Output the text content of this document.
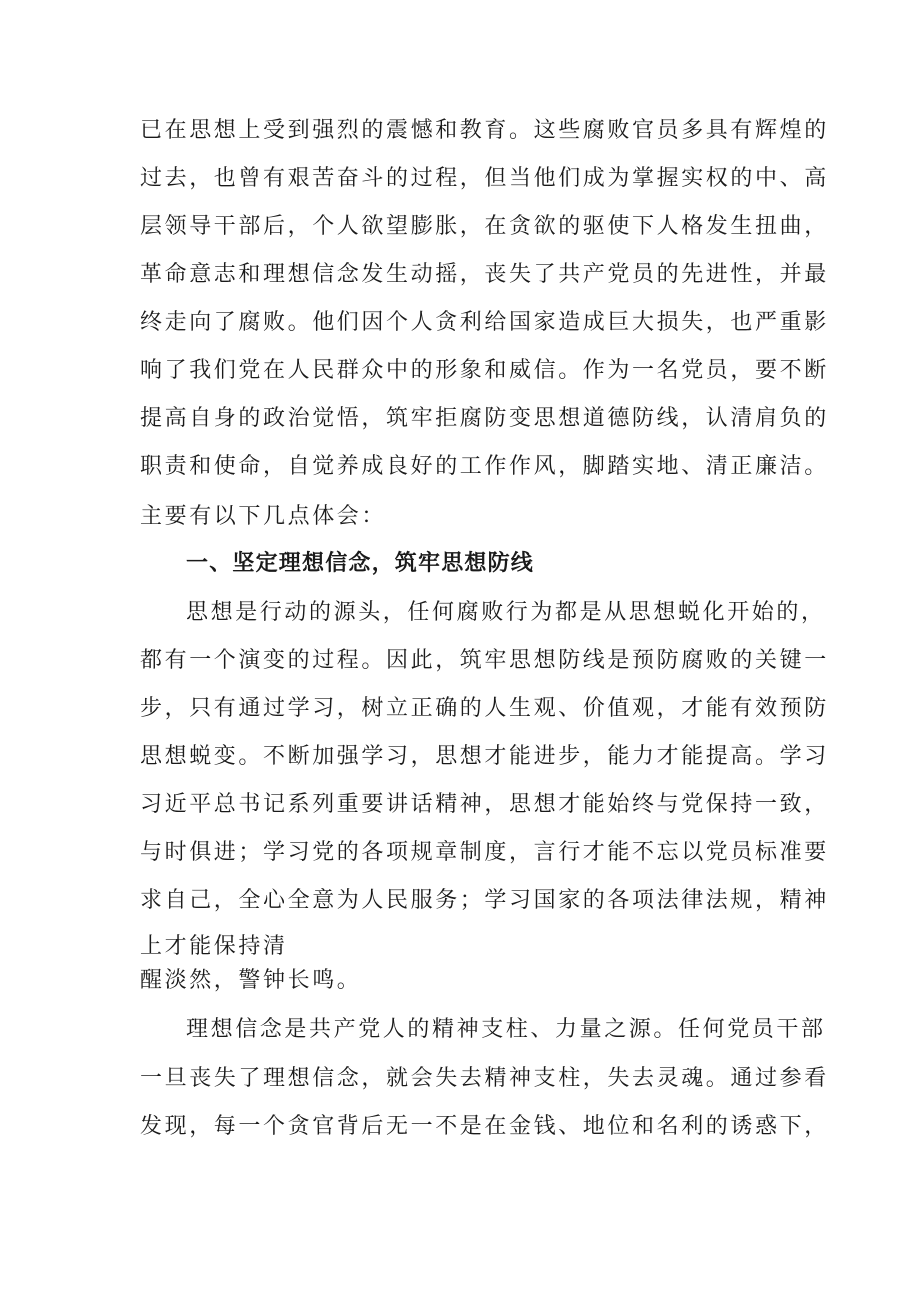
已在思想上受到强烈的震憾和教育。这些腐败官员多具有辉煌的
过去，也曾有艰苦奋斗的过程，但当他们成为掌握实权的中、高
层领导干部后，个人欲望膨胀，在贪欲的驱使下人格发生扭曲，
革命意志和理想信念发生动摇，丧失了共产党员的先进性，并最
终走向了腐败。他们因个人贪利给国家造成巨大损失，也严重影
响了我们党在人民群众中的形象和威信。作为一名党员，要不断
提高自身的政治觉悟，筑牢拒腐防变思想道德防线，认清肩负的
职责和使命，自觉养成良好的工作作风，脚踏实地、清正廉洁。
主要有以下几点体会：
一、坚定理想信念，筑牢思想防线
思想是行动的源头，任何腐败行为都是从思想蜕化开始的，
都有一个演变的过程。因此，筑牢思想防线是预防腐败的关键一
步，只有通过学习，树立正确的人生观、价值观，才能有效预防
思想蜕变。不断加强学习，思想才能进步，能力才能提高。学习
习近平总书记系列重要讲话精神，思想才能始终与党保持一致，
与时俱进；学习党的各项规章制度，言行才能不忘以党员标准要
求自己，全心全意为人民服务；学习国家的各项法律法规，精神
上才能保持清
醒淡然，警钟长鸣。
理想信念是共产党人的精神支柱、力量之源。任何党员干部
一旦丧失了理想信念，就会失去精神支柱，失去灵魂。通过参看
发现，每一个贪官背后无一不是在金钱、地位和名利的诱惑下，
